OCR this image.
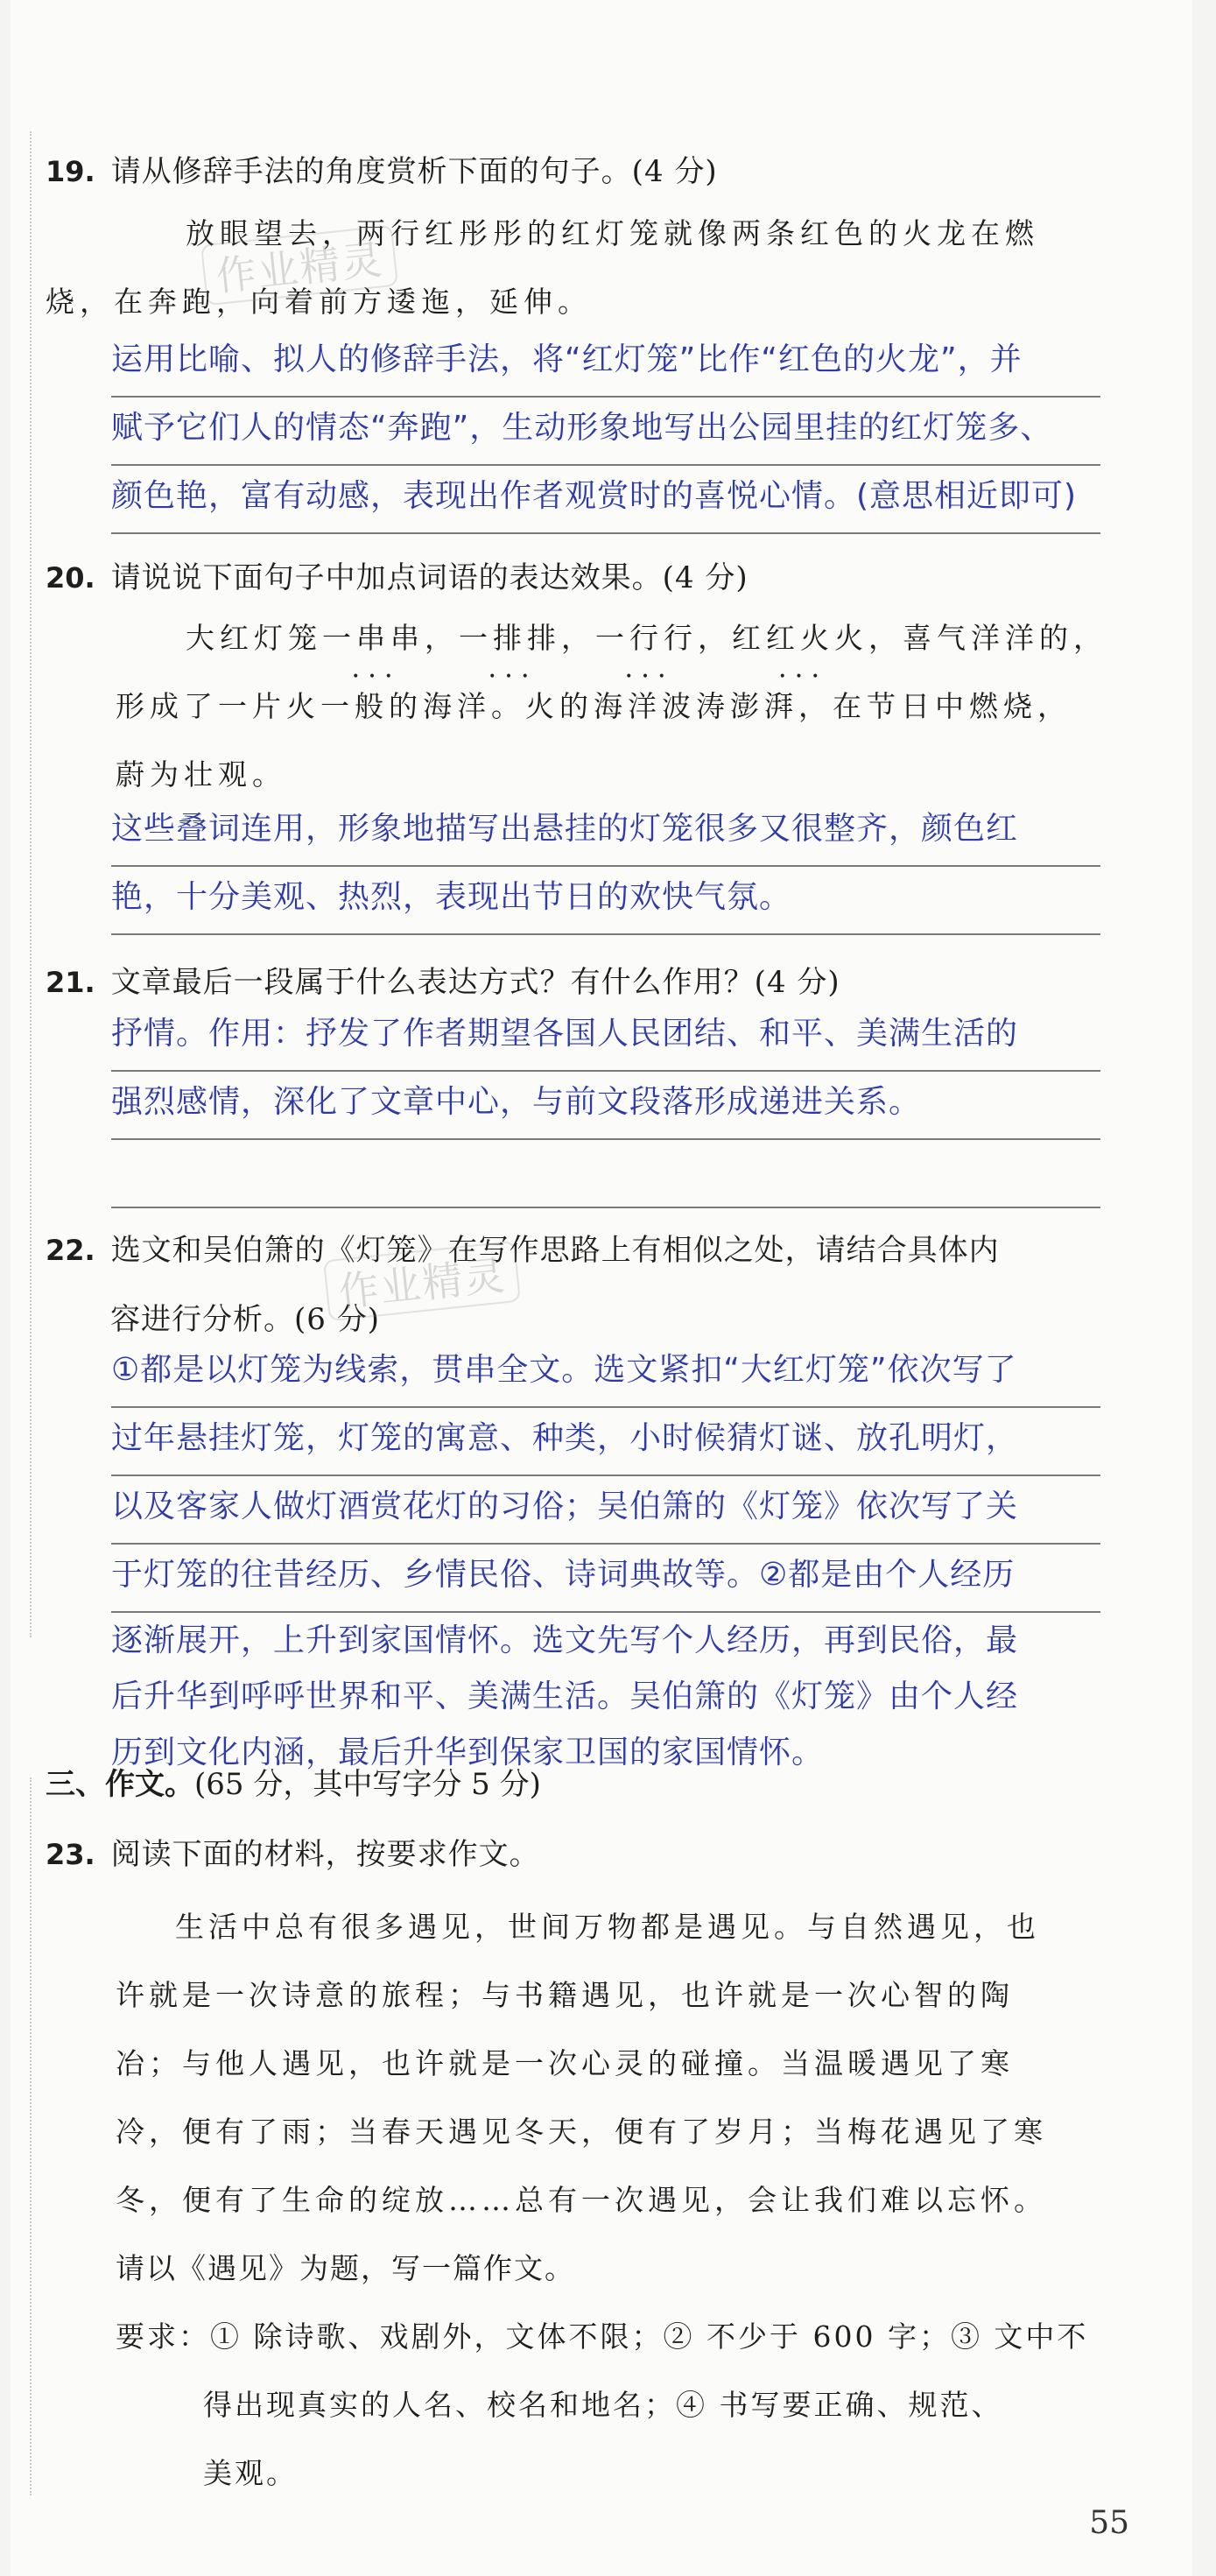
19. 请从修辞手法的角度赏析下面的句子。(4 分)
放眼望去，两行红彤彤的红灯笼就像两条红色的火龙在燃
烧，在奔跑，向着前方逶迤，延伸。
作业精灵
运用比喻、拟人的修辞手法，将“红灯笼”比作“红色的火龙”，并
赋予它们人的情态“奔跑”，生动形象地写出公园里挂的红灯笼多、
颜色艳，富有动感，表现出作者观赏时的喜悦心情。(意思相近即可)
20. 请说说下面句子中加点词语的表达效果。(4 分)
大红灯笼一串串 • • •，一排排 • • •，一行行 • • •，红红火火 • • •，喜气洋洋的，
形成了一片火一般的海洋。火的海洋波涛澎湃，在节日中燃烧，
蔚为壮观。
这些叠词连用，形象地描写出悬挂的灯笼很多又很整齐，颜色红
艳，十分美观、热烈，表现出节日的欢快气氛。
21. 文章最后一段属于什么表达方式？有什么作用？(4 分)
抒情。作用：抒发了作者期望各国人民团结、和平、美满生活的
强烈感情，深化了文章中心，与前文段落形成递进关系。
22. 选文和吴伯箫的《灯笼》在写作思路上有相似之处，请结合具体内
容进行分析。(6 分)
作业精灵
①都是以灯笼为线索，贯串全文。选文紧扣“大红灯笼”依次写了
过年悬挂灯笼，灯笼的寓意、种类，小时候猜灯谜、放孔明灯，
以及客家人做灯酒赏花灯的习俗；吴伯箫的《灯笼》依次写了关
于灯笼的往昔经历、乡情民俗、诗词典故等。②都是由个人经历
逐渐展开，上升到家国情怀。选文先写个人经历，再到民俗，最
后升华到呼呼世界和平、美满生活。吴伯箫的《灯笼》由个人经
历到文化内涵，最后升华到保家卫国的家国情怀。
三、作文。(65 分，其中写字分 5 分)
23. 阅读下面的材料，按要求作文。
生活中总有很多遇见，世间万物都是遇见。与自然遇见，也
许就是一次诗意的旅程；与书籍遇见，也许就是一次心智的陶
冶；与他人遇见，也许就是一次心灵的碰撞。当温暖遇见了寒
冷，便有了雨；当春天遇见冬天，便有了岁月；当梅花遇见了寒
冬，便有了生命的绽放……总有一次遇见，会让我们难以忘怀。
请以《遇见》为题，写一篇作文。
要求：① 除诗歌、戏剧外，文体不限；② 不少于 600 字；③ 文中不
得出现真实的人名、校名和地名；④ 书写要正确、规范、
美观。
55
